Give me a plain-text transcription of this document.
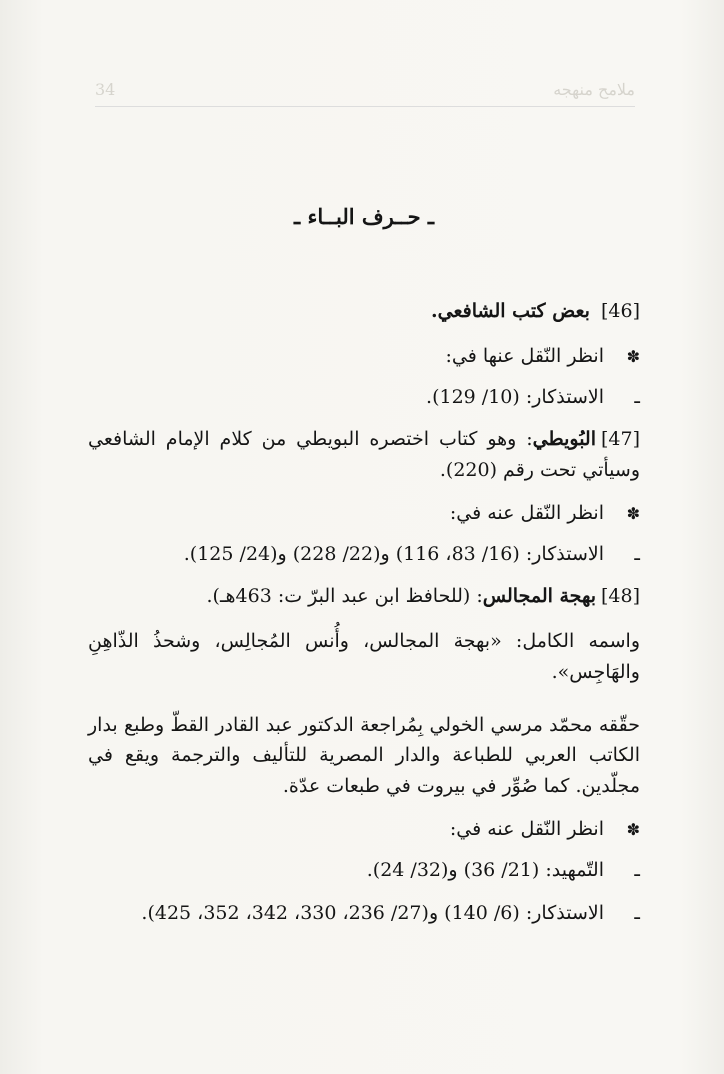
34	ملامح منهجه
ـ حــرف البــاء ـ
[46] بعض كتب الشافعي.
✽انظر النّقل عنها في:
ـالاستذكار: (10/ 129).
[47]البُويطي: وهو كتاب اختصره البويطي من كلام الإمام الشافعي وسيأتي تحت رقم (220).
✽انظر النّقل عنه في:
ـالاستذكار: (16/ 83، 116) و(22/ 228) و(24/ 125).
[48]بهجة المجالس: (للحافظ ابن عبد البرّ ت: 463هـ).
واسمه الكامل: «بهجة المجالس، وأُنس المُجالِس، وشحذُ الذّاهِنِ والهَاجِس».
حقّقه محمّد مرسي الخولي بِمُراجعة الدكتور عبد القادر القطّ وطبع بدار الكاتب العربي للطباعة والدار المصرية للتأليف والترجمة ويقع في مجلّدين. كما صُوِّر في بيروت في طبعات عدّة.
✽انظر النّقل عنه في:
ـالتّمهيد: (21/ 36) و(32/ 24).
ـالاستذكار: (6/ 140) و(27/ 236، 330، 342، 352، 425).
